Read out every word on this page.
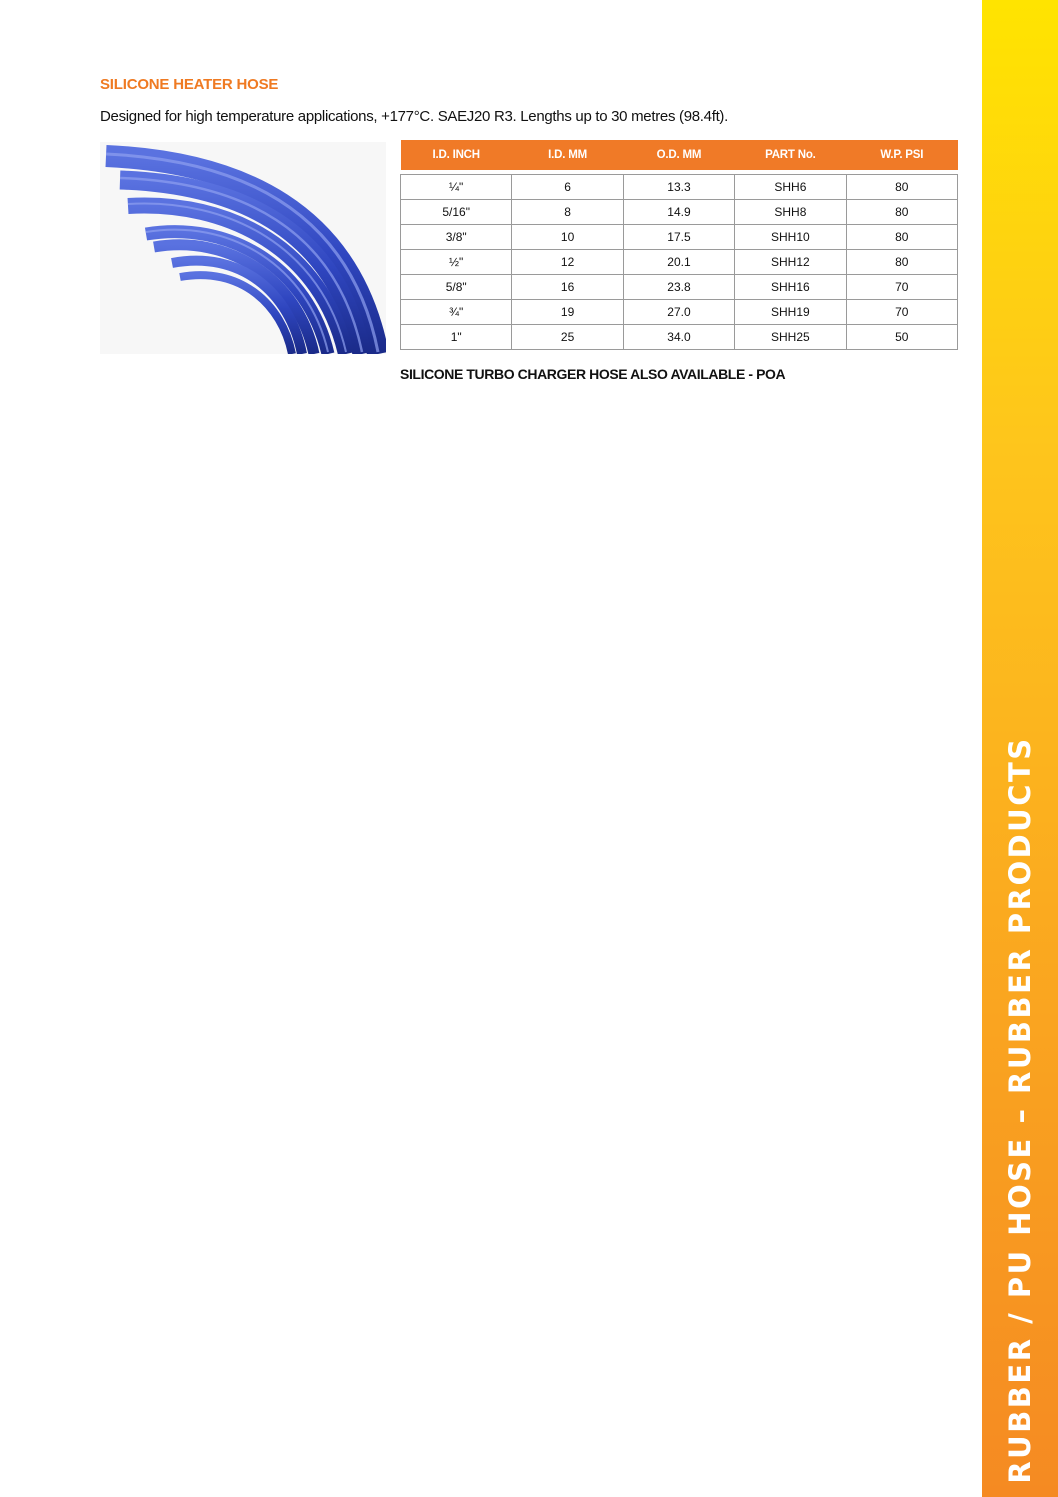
RUBBER / PU HOSE – RUBBER PRODUCTS
SILICONE HEATER HOSE

Designed for high temperature applications, +177°C. SAEJ20 R3. Lengths up to 30 metres (98.4ft).

I.D. INCH	I.D. MM	O.D. MM	PART No.	W.P. PSI

¼"	6	13.3	SHH6	80
5/16"	8	14.9	SHH8	80
3/8"	10	17.5	SHH10	80
½"	12	20.1	SHH12	80
5/8"	16	23.8	SHH16	70
¾"	19	27.0	SHH19	70
1"	25	34.0	SHH25	50

SILICONE TURBO CHARGER HOSE ALSO AVAILABLE - POA
